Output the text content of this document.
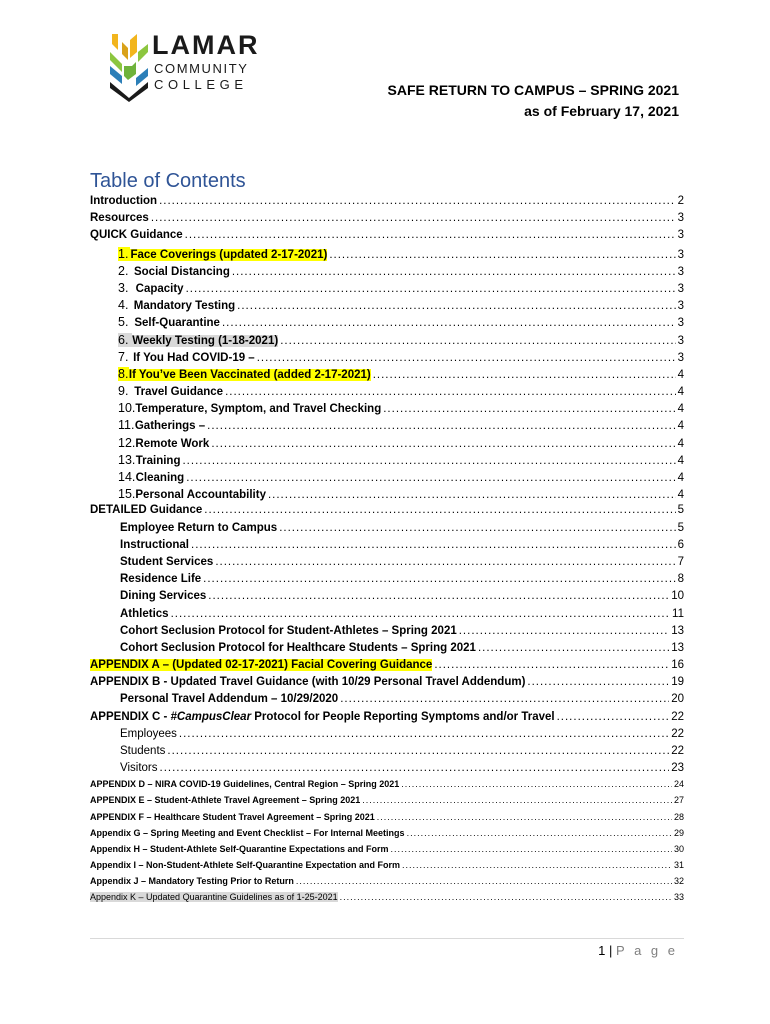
LAMAR
COMMUNITY
COLLEGE	SAFE RETURN TO CAMPUS – SPRING 2021
as of February 17, 2021
Table of Contents
Introduction .....	2
Resources .....	3
QUICK Guidance .....	3
1. Face Coverings (updated 2-17-2021) .....	3
2. Social Distancing .....	3
3. Capacity .....	3
4. Mandatory Testing .....	3
5. Self-Quarantine .....	3
6. Weekly Testing (1-18-2021) .....	3
7. If You Had COVID-19 – .....	3
8. If You’ve Been Vaccinated (added 2-17-2021) .....	4
9. Travel Guidance .....	4
10. Temperature, Symptom, and Travel Checking .....	4
11. Gatherings – .....	4
12. Remote Work .....	4
13. Training .....	4
14. Cleaning .....	4
15. Personal Accountability .....	4
DETAILED Guidance .....	5
Employee Return to Campus .....	5
Instructional .....	6
Student Services .....	7
Residence Life .....	8
Dining Services .....	10
Athletics .....	11
Cohort Seclusion Protocol for Student-Athletes – Spring 2021 .....	13
Cohort Seclusion Protocol for Healthcare Students – Spring 2021 .....	13
APPENDIX A – (Updated 02-17-2021) Facial Covering Guidance .....	16
APPENDIX B - Updated Travel Guidance (with 10/29 Personal Travel Addendum) .....	19
Personal Travel Addendum – 10/29/2020 .....	20
APPENDIX C - #CampusClear Protocol for People Reporting Symptoms and/or Travel .....	22
Employees .....	22
Students .....	22
Visitors .....	23
APPENDIX D – NIRA COVID-19 Guidelines, Central Region – Spring 2021 .....	24
APPENDIX E – Student-Athlete Travel Agreement – Spring 2021 .....	27
APPENDIX F – Healthcare Student Travel Agreement – Spring 2021 .....	28
Appendix G – Spring Meeting and Event Checklist – For Internal Meetings .....	29
Appendix H – Student-Athlete Self-Quarantine Expectations and Form .....	30
Appendix I – Non-Student-Athlete Self-Quarantine Expectation and Form .....	31
Appendix J – Mandatory Testing Prior to Return .....	32
Appendix K – Updated Quarantine Guidelines as of 1-25-2021 .....	33
1 | P a g e
